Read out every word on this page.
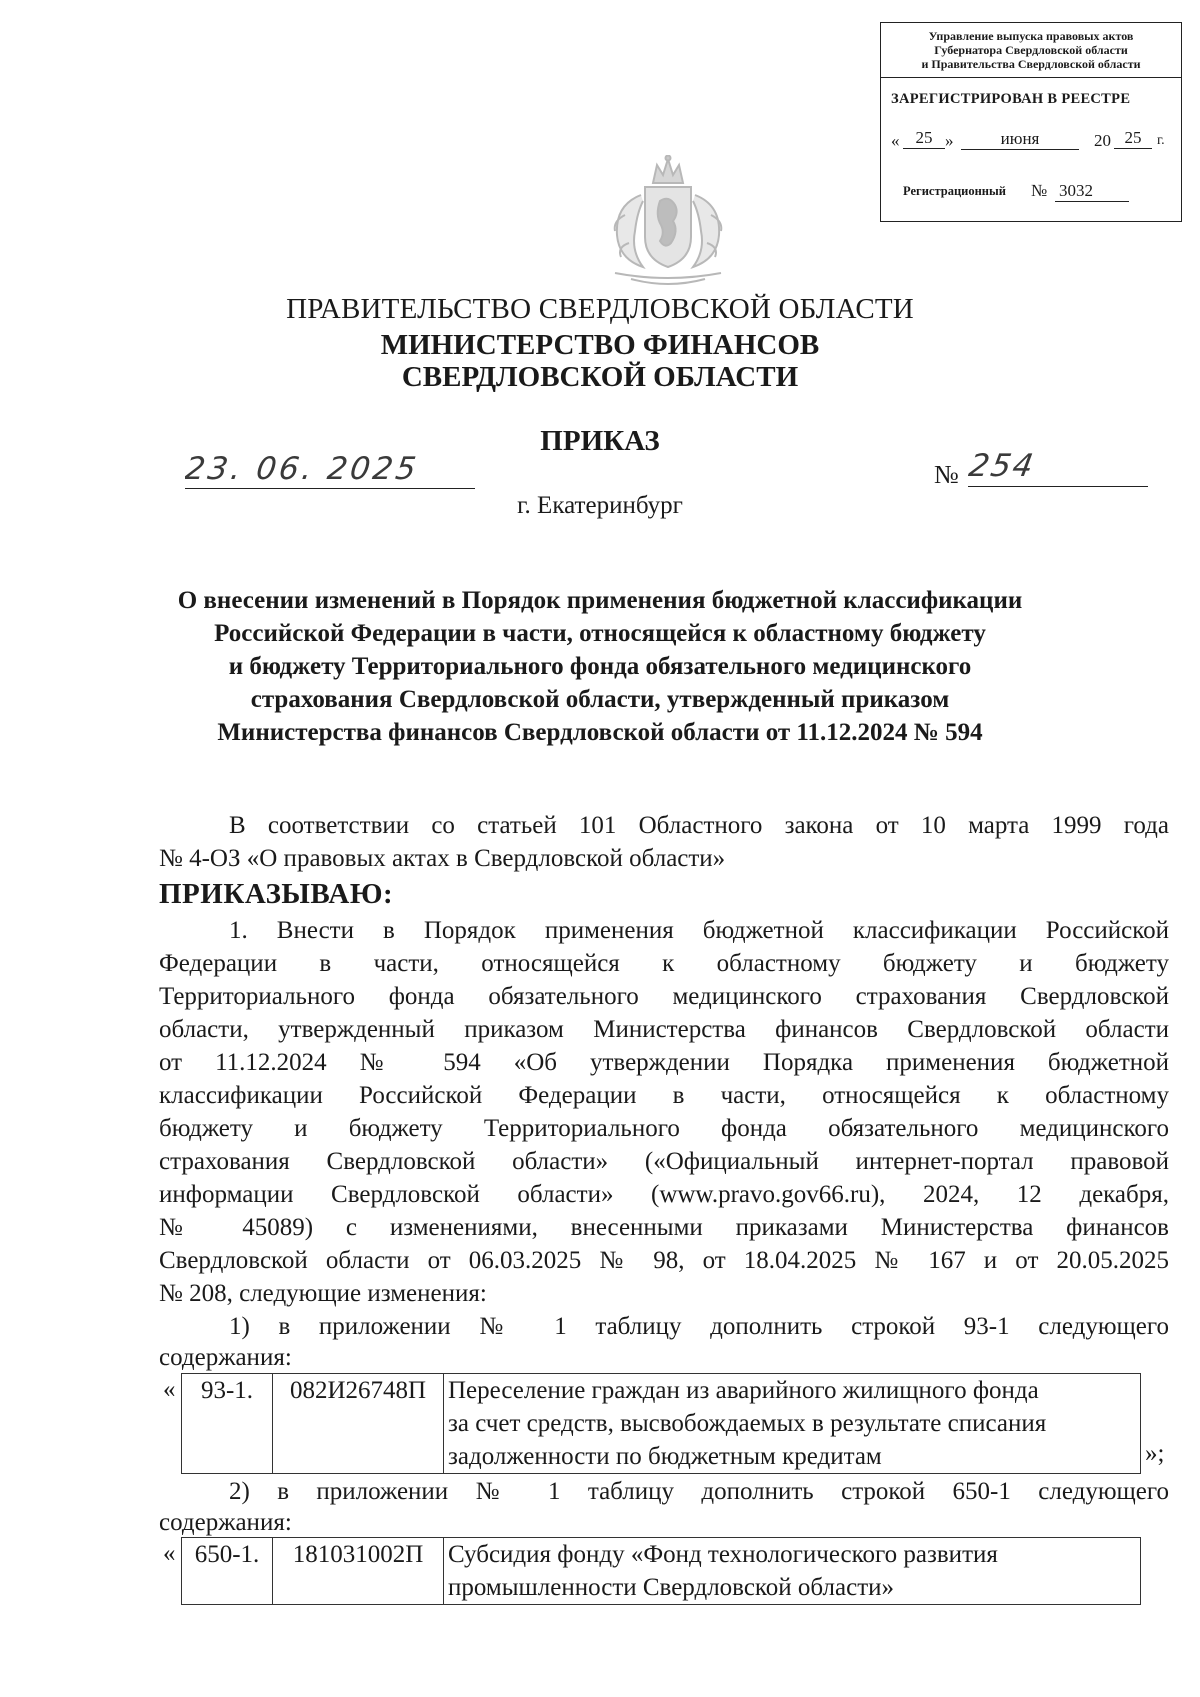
Управление выпуска правовых актов
Губернатора Свердловской области
и Правительства Свердловской области
ЗАРЕГИСТРИРОВАН В РЕЕСТРЕ
« 25 »	июня	20 25	г.
Регистрационный № 3032
ПРАВИТЕЛЬСТВО СВЕРДЛОВСКОЙ ОБЛАСТИ
МИНИСТЕРСТВО ФИНАНСОВ
СВЕРДЛОВСКОЙ ОБЛАСТИ
ПРИКАЗ
23. 06. 2025	№ 254
г. Екатеринбург
О внесении изменений в Порядок применения бюджетной классификации
Российской Федерации в части, относящейся к областному бюджету
и бюджету Территориального фонда обязательного медицинского
страхования Свердловской области, утвержденный приказом
Министерства финансов Свердловской области от 11.12.2024 № 594
В соответствии со статьей 101 Областного закона от 10 марта 1999 года
№ 4-ОЗ «О правовых актах в Свердловской области»
ПРИКАЗЫВАЮ:
1. Внести в Порядок применения бюджетной классификации Российской
Федерации в части, относящейся к областному бюджету и бюджету
Территориального фонда обязательного медицинского страхования Свердловской
области, утвержденный приказом Министерства финансов Свердловской области
от 11.12.2024 № 594 «Об утверждении Порядка применения бюджетной
классификации Российской Федерации в части, относящейся к областному
бюджету и бюджету Территориального фонда обязательного медицинского
страхования Свердловской области» («Официальный интернет-портал правовой
информации Свердловской области» (www.pravo.gov66.ru), 2024, 12 декабря,
№ 45089) с изменениями, внесенными приказами Министерства финансов
Свердловской области от 06.03.2025 № 98, от 18.04.2025 № 167 и от 20.05.2025
№ 208, следующие изменения:
1) в приложении № 1 таблицу дополнить строкой 93-1 следующего
содержания:
« 93-1.	082И26748П	Переселение граждан из аварийного жилищного фонда
за счет средств, высвобождаемых в результате списания
задолженности по бюджетным кредитам	»;
2) в приложении № 1 таблицу дополнить строкой 650-1 следующего
содержания:
« 650-1.	181031002П	Субсидия фонду «Фонд технологического развития
промышленности Свердловской области»
